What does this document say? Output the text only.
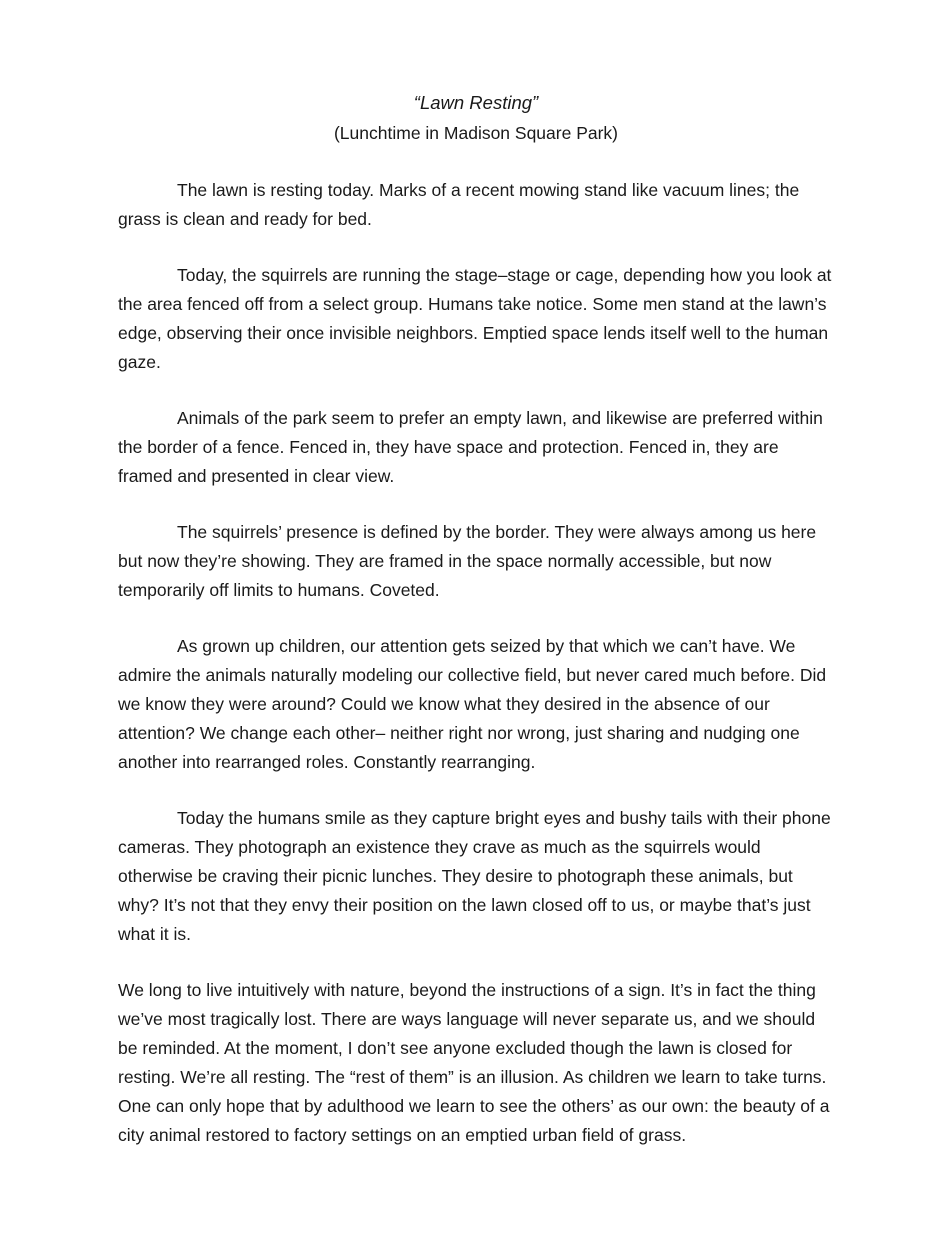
“Lawn Resting”
(Lunchtime in Madison Square Park)

The lawn is resting today. Marks of a recent mowing stand like vacuum lines; the grass is clean and ready for bed.

Today, the squirrels are running the stage–stage or cage, depending how you look at the area fenced off from a select group. Humans take notice. Some men stand at the lawn’s edge, observing their once invisible neighbors. Emptied space lends itself well to the human gaze.

Animals of the park seem to prefer an empty lawn, and likewise are preferred within the border of a fence. Fenced in, they have space and protection. Fenced in, they are framed and presented in clear view.

The squirrels’ presence is defined by the border. They were always among us here but now they’re showing. They are framed in the space normally accessible, but now temporarily off limits to humans. Coveted.

As grown up children, our attention gets seized by that which we can’t have. We admire the animals naturally modeling our collective field, but never cared much before. Did we know they were around? Could we know what they desired in the absence of our attention? We change each other– neither right nor wrong, just sharing and nudging one another into rearranged roles. Constantly rearranging.

Today the humans smile as they capture bright eyes and bushy tails with their phone cameras. They photograph an existence they crave as much as the squirrels would otherwise be craving their picnic lunches. They desire to photograph these animals, but why? It’s not that they envy their position on the lawn closed off to us, or maybe that’s just what it is.

We long to live intuitively with nature, beyond the instructions of a sign. It’s in fact the thing we’ve most tragically lost. There are ways language will never separate us, and we should be reminded. At the moment, I don’t see anyone excluded though the lawn is closed for resting. We’re all resting. The “rest of them” is an illusion. As children we learn to take turns. One can only hope that by adulthood we learn to see the others’ as our own: the beauty of a city animal restored to factory settings on an emptied urban field of grass.
